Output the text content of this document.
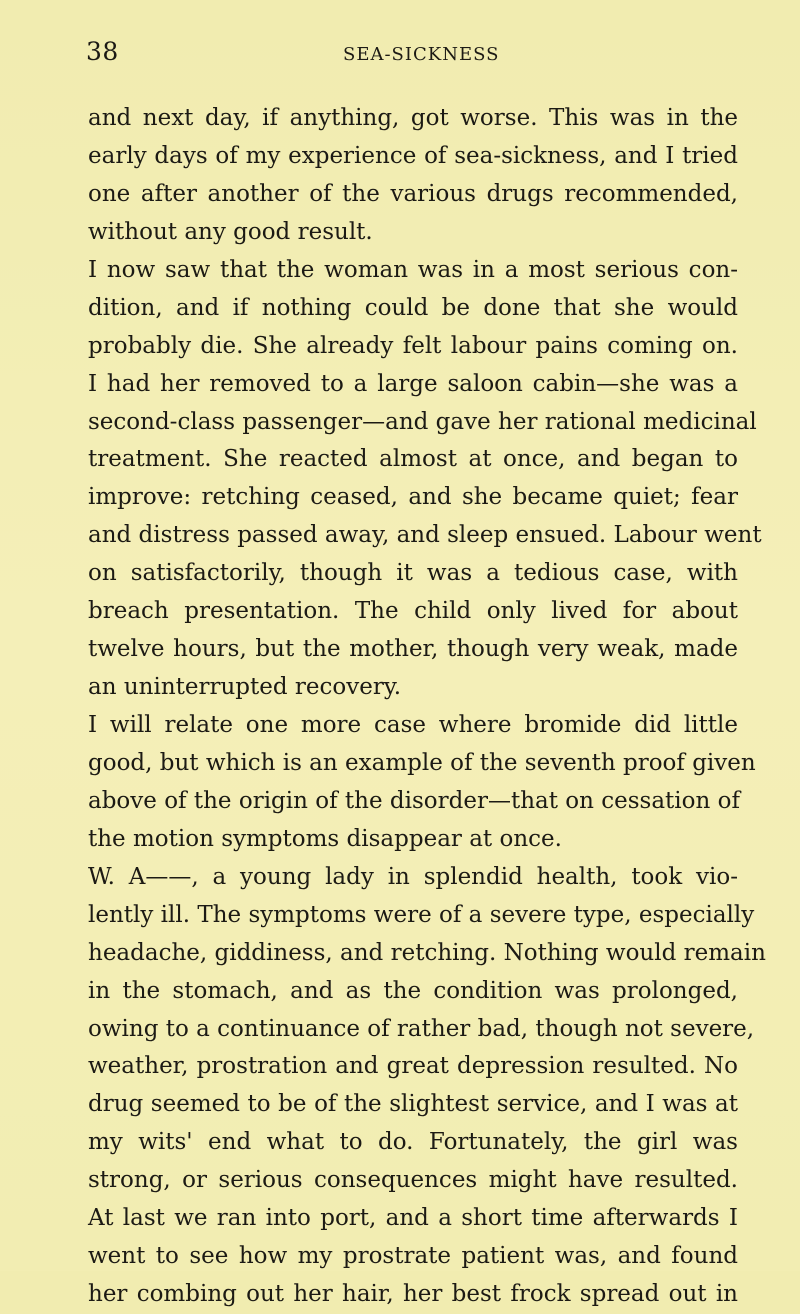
38	SEA-SICKNESS
and next day, if anything, got worse. This was in the
early days of my experience of sea-sickness, and I tried
one after another of the various drugs recommended,
without any good result.
I now saw that the woman was in a most serious con-
dition, and if nothing could be done that she would
probably die. She already felt labour pains coming on.
I had her removed to a large saloon cabin—she was a
second-class passenger—and gave her rational medicinal
treatment. She reacted almost at once, and began to
improve: retching ceased, and she became quiet; fear
and distress passed away, and sleep ensued. Labour went
on satisfactorily, though it was a tedious case, with
breach presentation. The child only lived for about
twelve hours, but the mother, though very weak, made
an uninterrupted recovery.
I will relate one more case where bromide did little
good, but which is an example of the seventh proof given
above of the origin of the disorder—that on cessation of
the motion symptoms disappear at once.
W. A——, a young lady in splendid health, took vio-
lently ill. The symptoms were of a severe type, especially
headache, giddiness, and retching. Nothing would remain
in the stomach, and as the condition was prolonged,
owing to a continuance of rather bad, though not severe,
weather, prostration and great depression resulted. No
drug seemed to be of the slightest service, and I was at
my wits' end what to do. Fortunately, the girl was
strong, or serious consequences might have resulted.
At last we ran into port, and a short time afterwards I
went to see how my prostrate patient was, and found
her combing out her hair, her best frock spread out in
